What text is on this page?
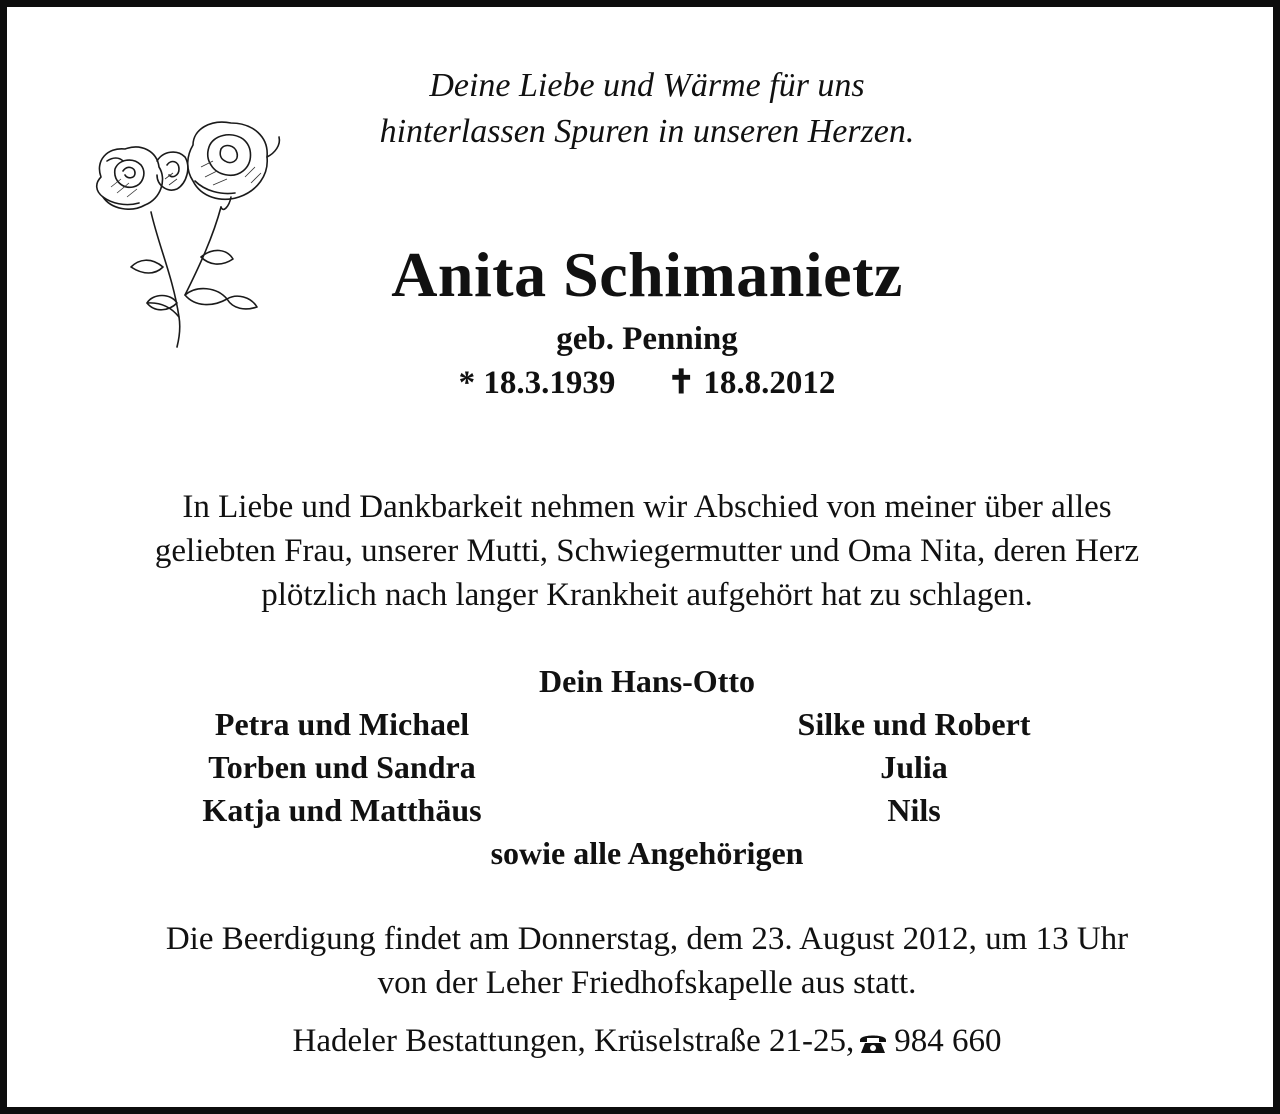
Deine Liebe und Wärme für uns
hinterlassen Spuren in unseren Herzen.
Anita Schimanietz
geb. Penning
* 18.3.1939 ✝ 18.8.2012
In Liebe und Dankbarkeit nehmen wir Abschied von meiner über alles
geliebten Frau, unserer Mutti, Schwiegermutter und Oma Nita, deren Herz
plötzlich nach langer Krankheit aufgehört hat zu schlagen.
Dein Hans-Otto
Petra und Michael
Torben und Sandra
Katja und Matthäus
Silke und Robert
Julia
Nils
sowie alle Angehörigen
Die Beerdigung findet am Donnerstag, dem 23. August 2012, um 13 Uhr
von der Leher Friedhofskapelle aus statt.
Hadeler Bestattungen, Krüselstraße 21-25, 984 660
